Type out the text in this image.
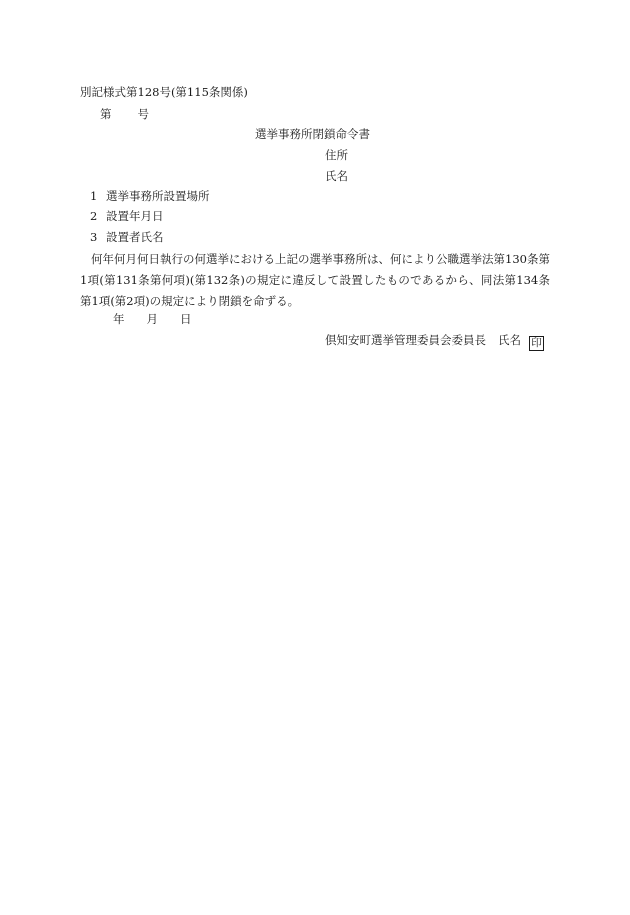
別記様式第128号(第115条関係)
第 号
選挙事務所閉鎖命令書
住所
氏名
1 選挙事務所設置場所
2 設置年月日
3 設置者氏名
何年何月何日執行の何選挙における上記の選挙事務所は、何により公職選挙法第130条第1項(第131条第何項)(第132条)の規定に違反して設置したものであるから、同法第134条第1項(第2項)の規定により閉鎖を命ずる。
年 月 日
倶知安町選挙管理委員会委員長 氏名 印
